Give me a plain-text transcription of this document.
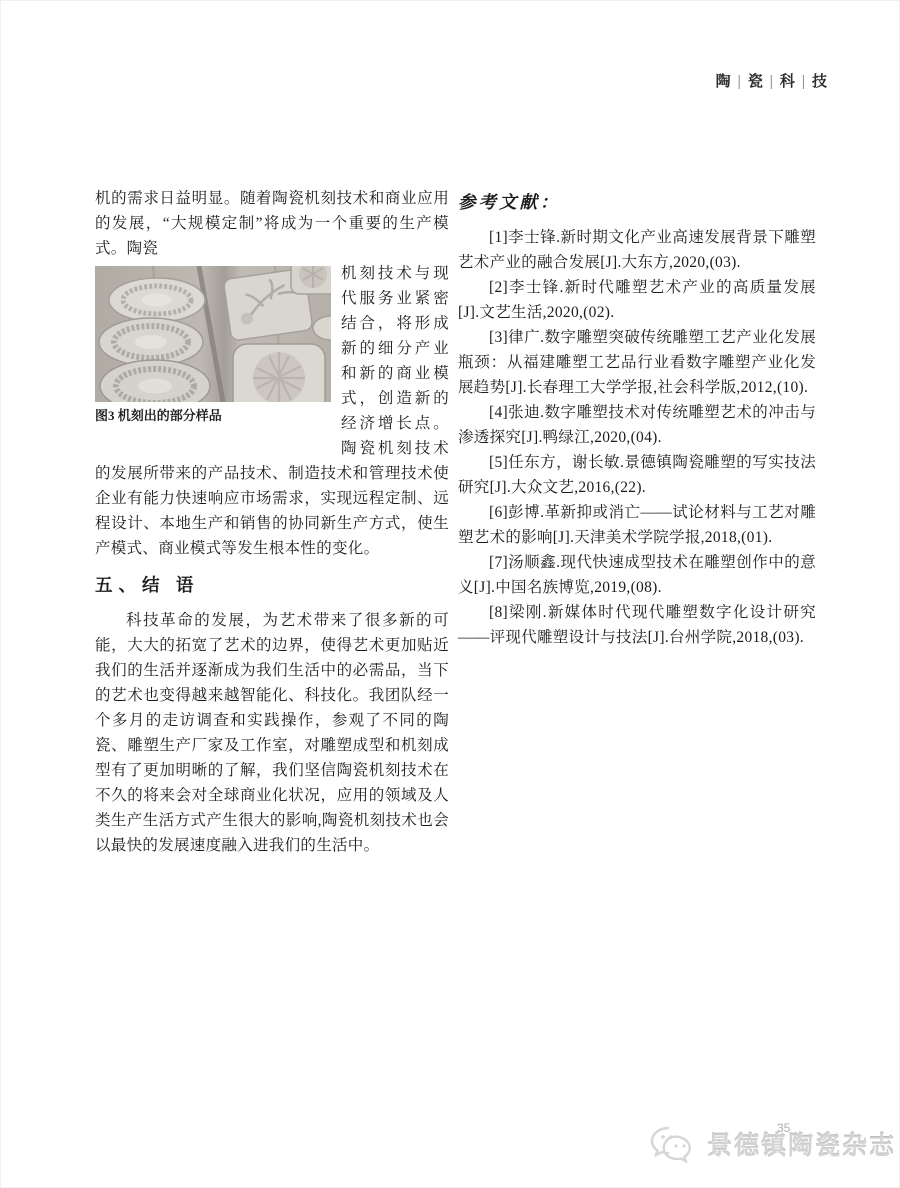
陶 | 瓷 | 科 | 技

机的需求日益明显。随着陶瓷机刻技术和商业应用的发展，“大规模定制”将成为一个重要的生产模式。陶瓷

图3 机刻出的部分样品

机刻技术与现代服务业紧密结合，将形成新的细分产业和新的商业模式，创造新的经济增长点。陶瓷机刻技术的发展所带来的产品技术、制造技术和管理技术使企业有能力快速响应市场需求，实现远程定制、远程设计、本地生产和销售的协同新生产方式，使生产模式、商业模式等发生根本性的变化。

五、结 语

科技革命的发展，为艺术带来了很多新的可能，大大的拓宽了艺术的边界，使得艺术更加贴近我们的生活并逐渐成为我们生活中的必需品，当下的艺术也变得越来越智能化、科技化。我团队经一个多月的走访调查和实践操作，参观了不同的陶瓷、雕塑生产厂家及工作室，对雕塑成型和机刻成型有了更加明晰的了解，我们坚信陶瓷机刻技术在不久的将来会对全球商业化状况，应用的领域及人类生产生活方式产生很大的影响,陶瓷机刻技术也会以最快的发展速度融入进我们的生活中。

参考文献：

[1]李士锋.新时期文化产业高速发展背景下雕塑艺术产业的融合发展[J].大东方,2020,(03).

[2]李士锋.新时代雕塑艺术产业的高质量发展[J].文艺生活,2020,(02).

[3]律广.数字雕塑突破传统雕塑工艺产业化发展瓶颈：从福建雕塑工艺品行业看数字雕塑产业化发展趋势[J].长春理工大学学报,社会科学版,2012,(10).

[4]张迪.数字雕塑技术对传统雕塑艺术的冲击与渗透探究[J].鸭绿江,2020,(04).

[5]任东方，谢长敏.景德镇陶瓷雕塑的写实技法研究[J].大众文艺,2016,(22).

[6]彭博.革新抑或消亡——试论材料与工艺对雕塑艺术的影响[J].天津美术学院学报,2018,(01).

[7]汤顺鑫.现代快速成型技术在雕塑创作中的意义[J].中国名族博览,2019,(08).

[8]梁刚.新媒体时代现代雕塑数字化设计研究——评现代雕塑设计与技法[J].台州学院,2018,(03).

35
景德镇陶瓷杂志
